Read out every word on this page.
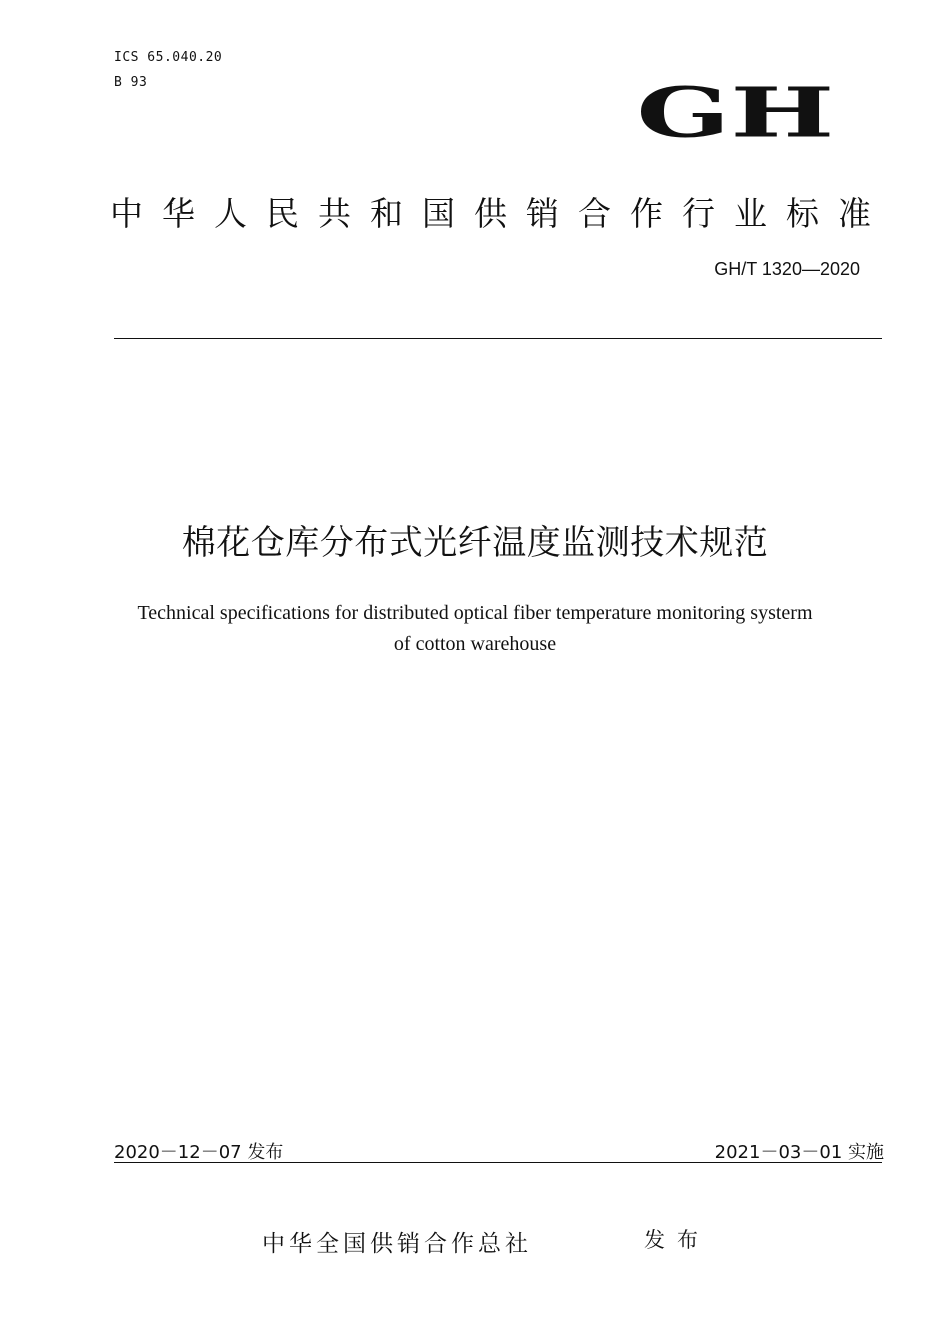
ICS 65.040.20
B 93	GH
中华人民共和国供销合作行业标准
GH/T 1320—2020
棉花仓库分布式光纤温度监测技术规范
Technical specifications for distributed optical fiber temperature monitoring systerm
of cotton warehouse
2020－12－07 发布	2021－03－01 实施
中华全国供销合作总社	发布
